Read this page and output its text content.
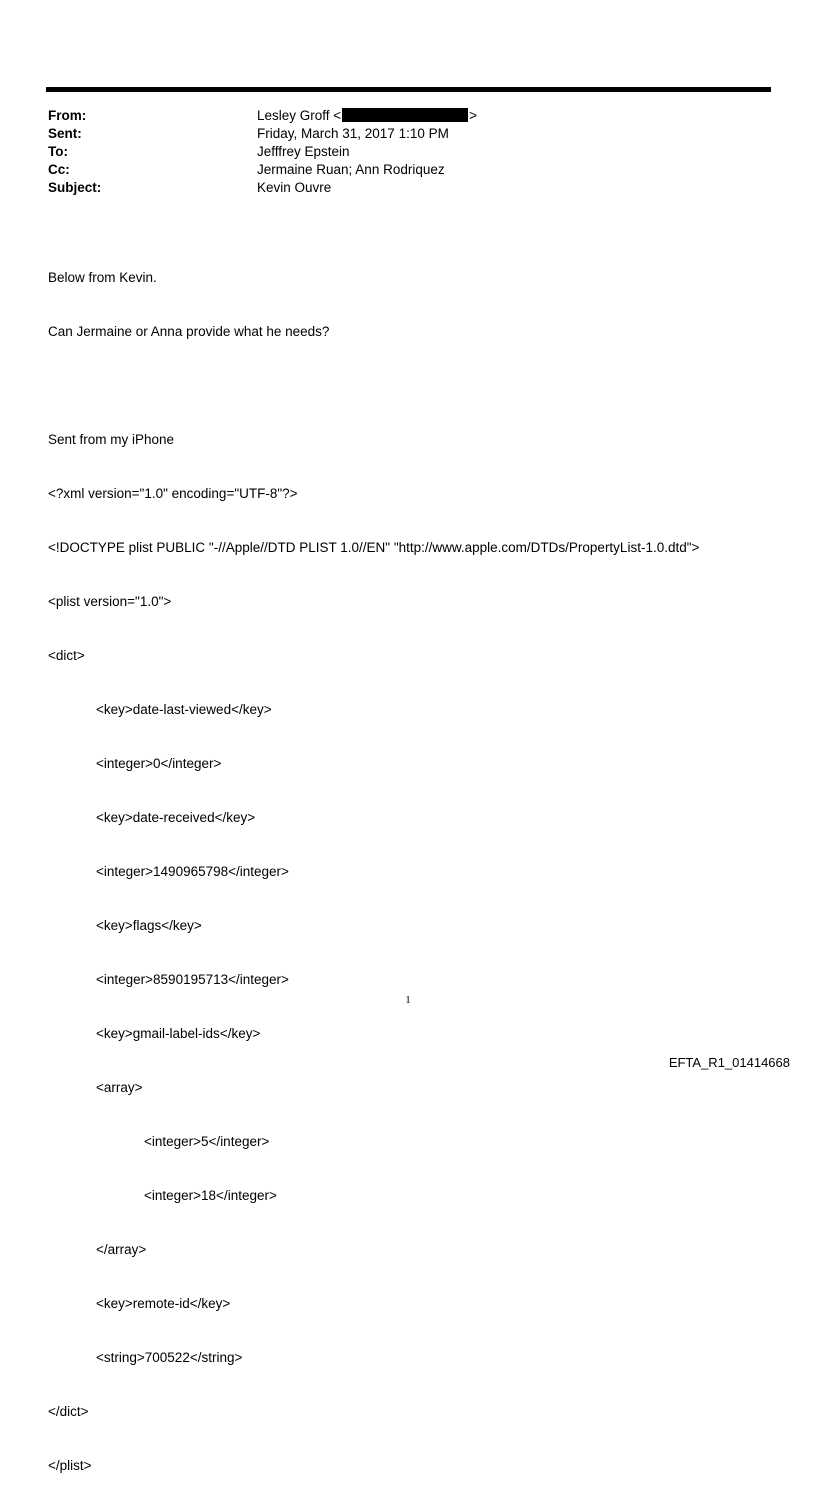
From:	Lesley Groff <	>
Sent:	Friday, March 31, 2017 1:10 PM
To:	Jefffrey Epstein
Cc:	Jermaine Ruan; Ann Rodriquez
Subject:	Kevin Ouvre

Below from Kevin.

Can Jermaine or Anna provide what he needs?

Sent from my iPhone

<?xml version="1.0" encoding="UTF-8"?>

<!DOCTYPE plist PUBLIC "-//Apple//DTD PLIST 1.0//EN" "http://www.apple.com/DTDs/PropertyList-1.0.dtd">

<plist version="1.0">

<dict>

<key>date-last-viewed</key>

<integer>0</integer>

<key>date-received</key>

<integer>1490965798</integer>

<key>flags</key>

<integer>8590195713</integer>

<key>gmail-label-ids</key>

<array>

<integer>5</integer>

<integer>18</integer>

</array>

<key>remote-id</key>

<string>700522</string>

</dict>

</plist>

1
EFTA_R1_01414668
